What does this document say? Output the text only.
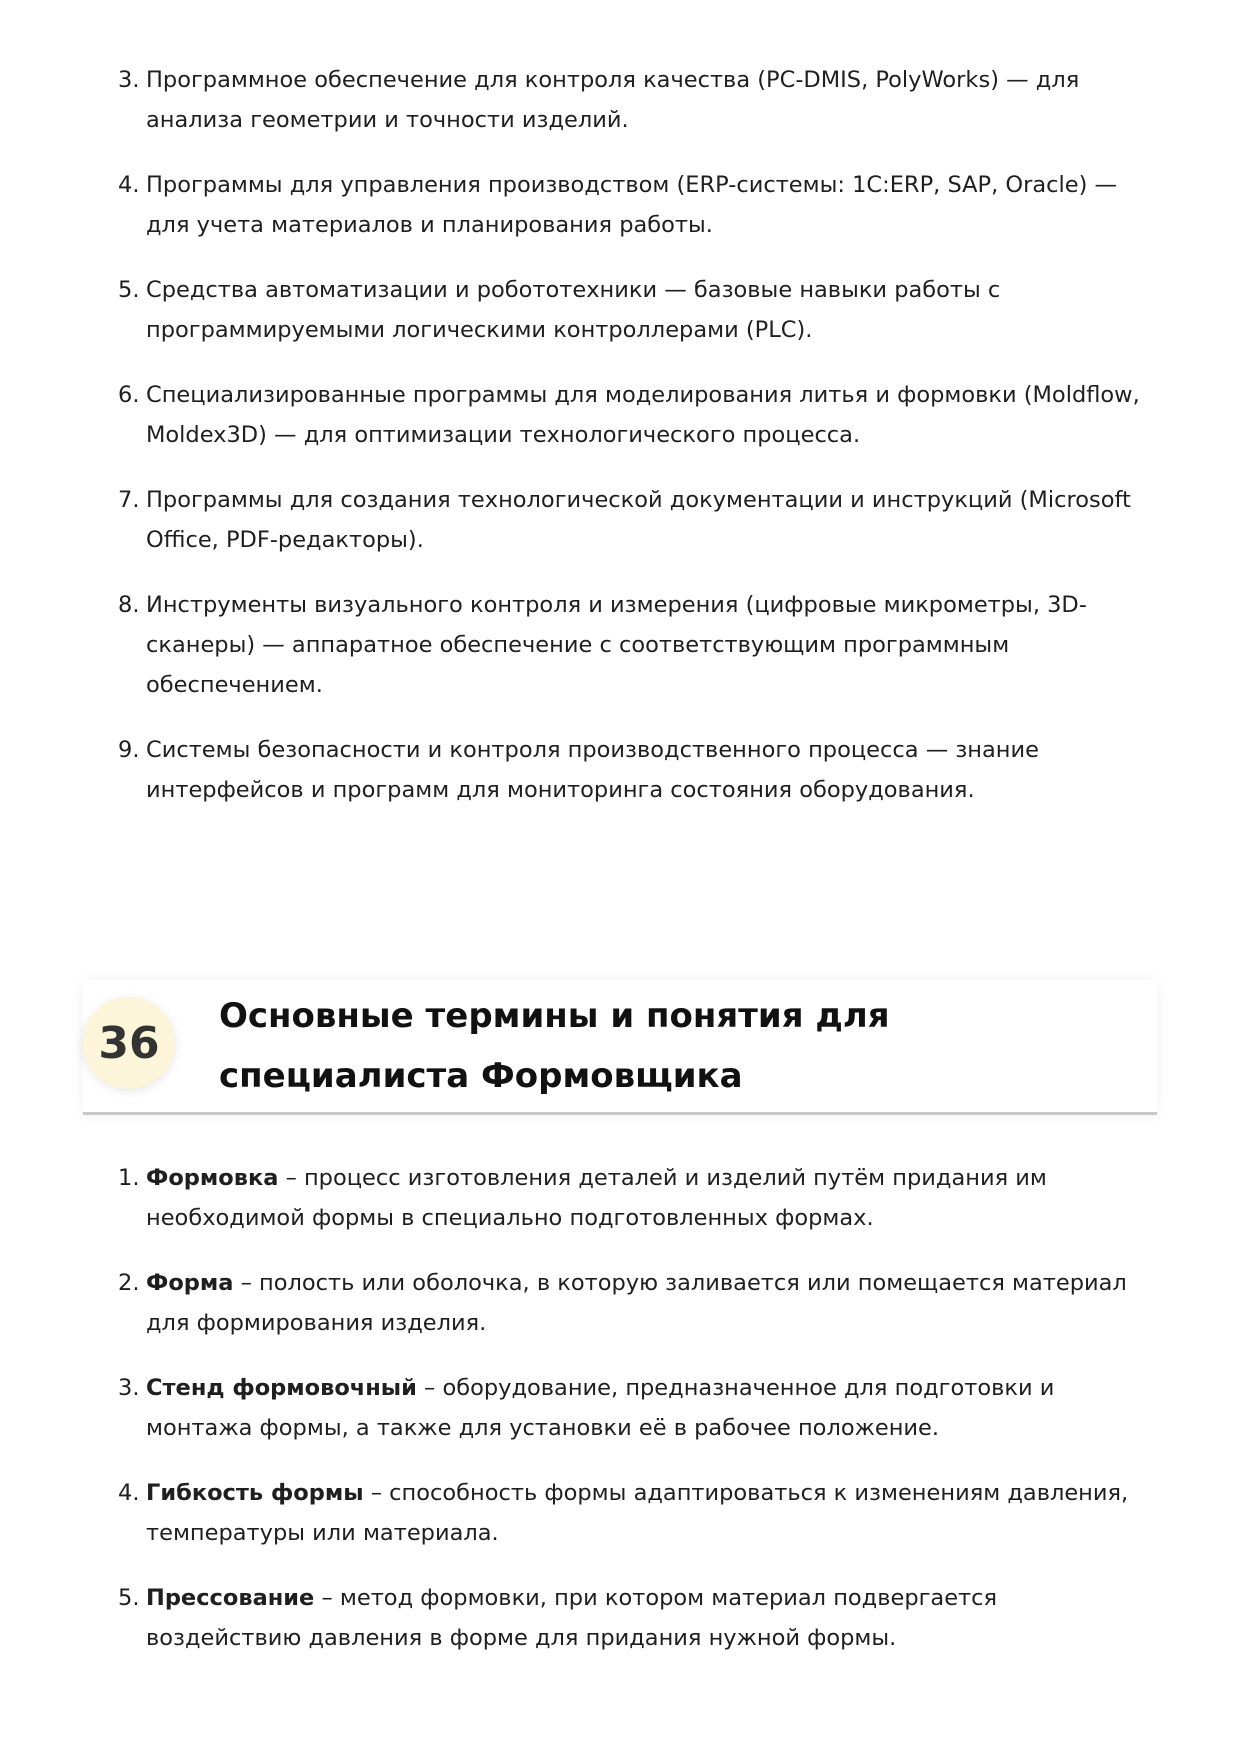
3. Программное обеспечение для контроля качества (PC-DMIS, PolyWorks) — для анализа геометрии и точности изделий.
4. Программы для управления производством (ERP-системы: 1C:ERP, SAP, Oracle) — для учета материалов и планирования работы.
5. Средства автоматизации и робототехники — базовые навыки работы с программируемыми логическими контроллерами (PLC).
6. Специализированные программы для моделирования литья и формовки (Moldflow, Moldex3D) — для оптимизации технологического процесса.
7. Программы для создания технологической документации и инструкций (Microsoft Office, PDF-редакторы).
8. Инструменты визуального контроля и измерения (цифровые микрометры, 3D-сканеры) — аппаратное обеспечение с соответствующим программным обеспечением.
9. Системы безопасности и контроля производственного процесса — знание интерфейсов и программ для мониторинга состояния оборудования.
36
Основные термины и понятия для специалиста Формовщика
1. Формовка – процесс изготовления деталей и изделий путём придания им необходимой формы в специально подготовленных формах.
2. Форма – полость или оболочка, в которую заливается или помещается материал для формирования изделия.
3. Стенд формовочный – оборудование, предназначенное для подготовки и монтажа формы, а также для установки её в рабочее положение.
4. Гибкость формы – способность формы адаптироваться к изменениям давления, температуры или материала.
5. Прессование – метод формовки, при котором материал подвергается воздействию давления в форме для придания нужной формы.
